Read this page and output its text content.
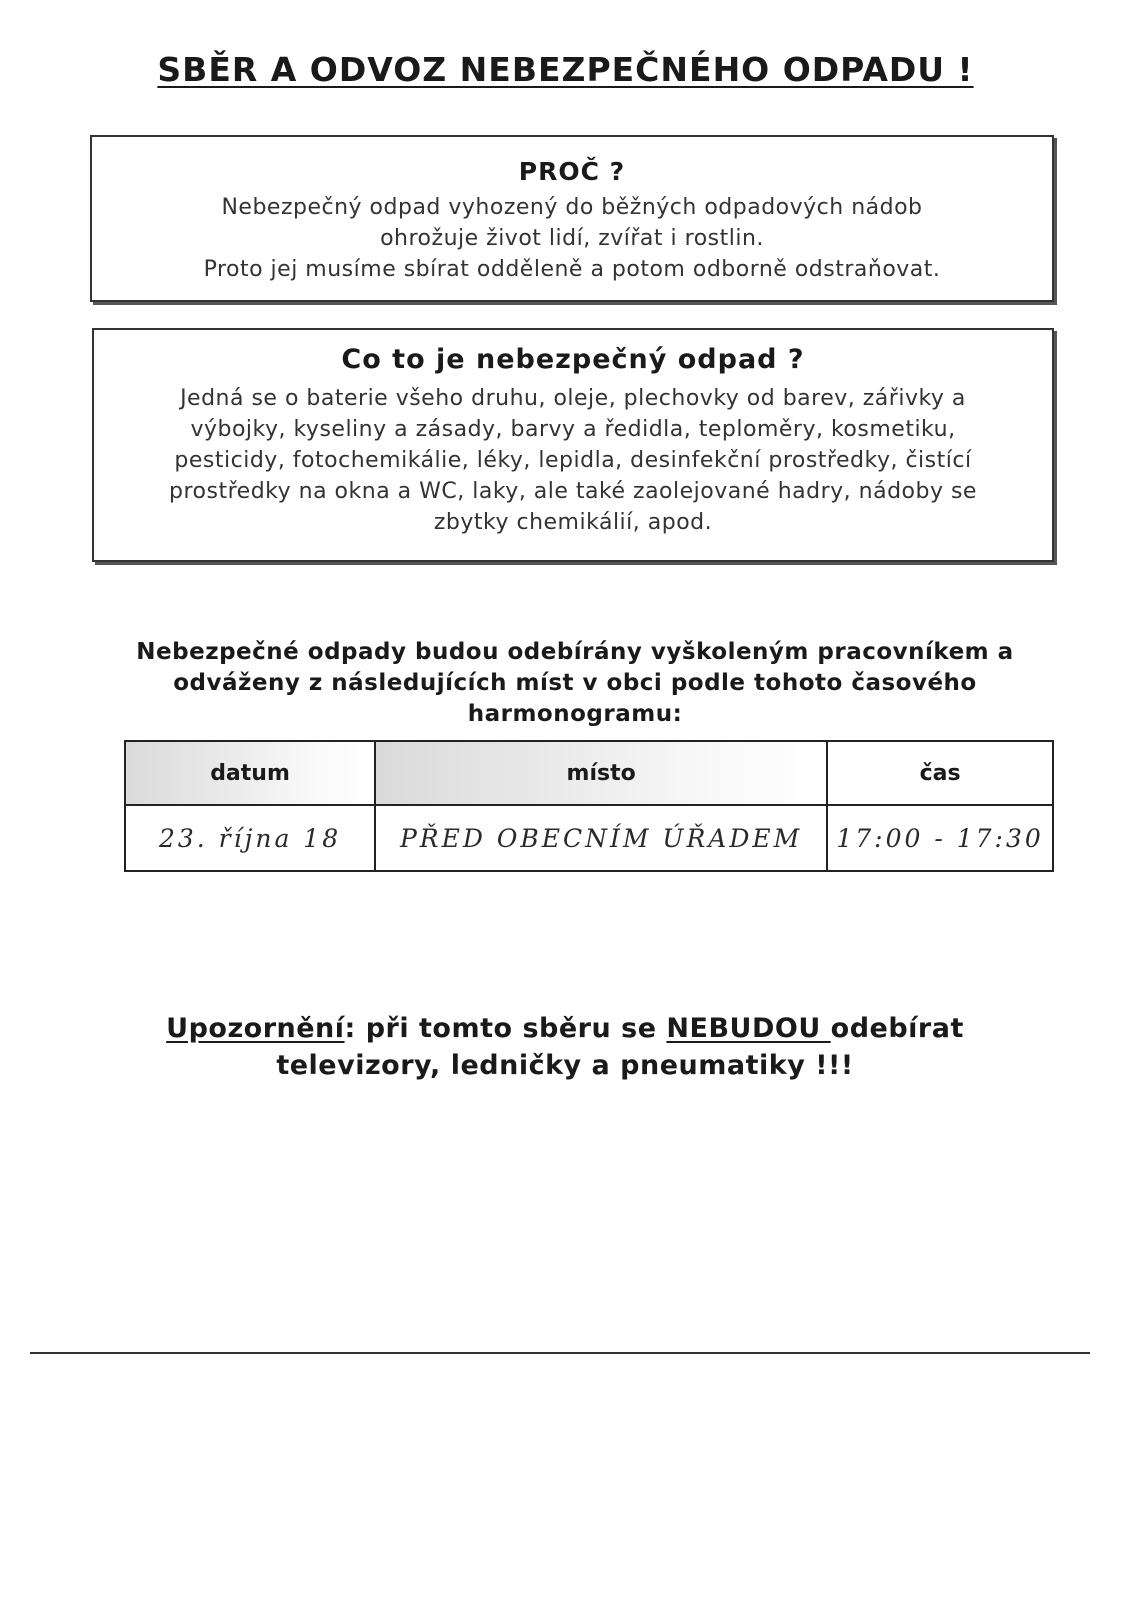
SBĚR A ODVOZ NEBEZPEČNÉHO ODPADU !
PROČ ?
Nebezpečný odpad vyhozený do běžných odpadových nádob
ohrožuje život lidí, zvířat i rostlin.
Proto jej musíme sbírat odděleně a potom odborně odstraňovat.
Co to je nebezpečný odpad ?
Jedná se o baterie všeho druhu, oleje, plechovky od barev, zářivky a
výbojky, kyseliny a zásady, barvy a ředidla, teploměry, kosmetiku,
pesticidy, fotochemikálie, léky, lepidla, desinfekční prostředky, čistící
prostředky na okna a WC, laky, ale také zaolejované hadry, nádoby se
zbytky chemikálií, apod.
Nebezpečné odpady budou odebírány vyškoleným pracovníkem a
odváženy z následujících míst v obci podle tohoto časového
harmonogramu:
datum	místo	čas
23. října 18	PŘED OBECNÍM ÚŘADEM	17:00 - 17:30
Upozornění: při tomto sběru se NEBUDOU odebírat
televizory, ledničky a pneumatiky !!!
